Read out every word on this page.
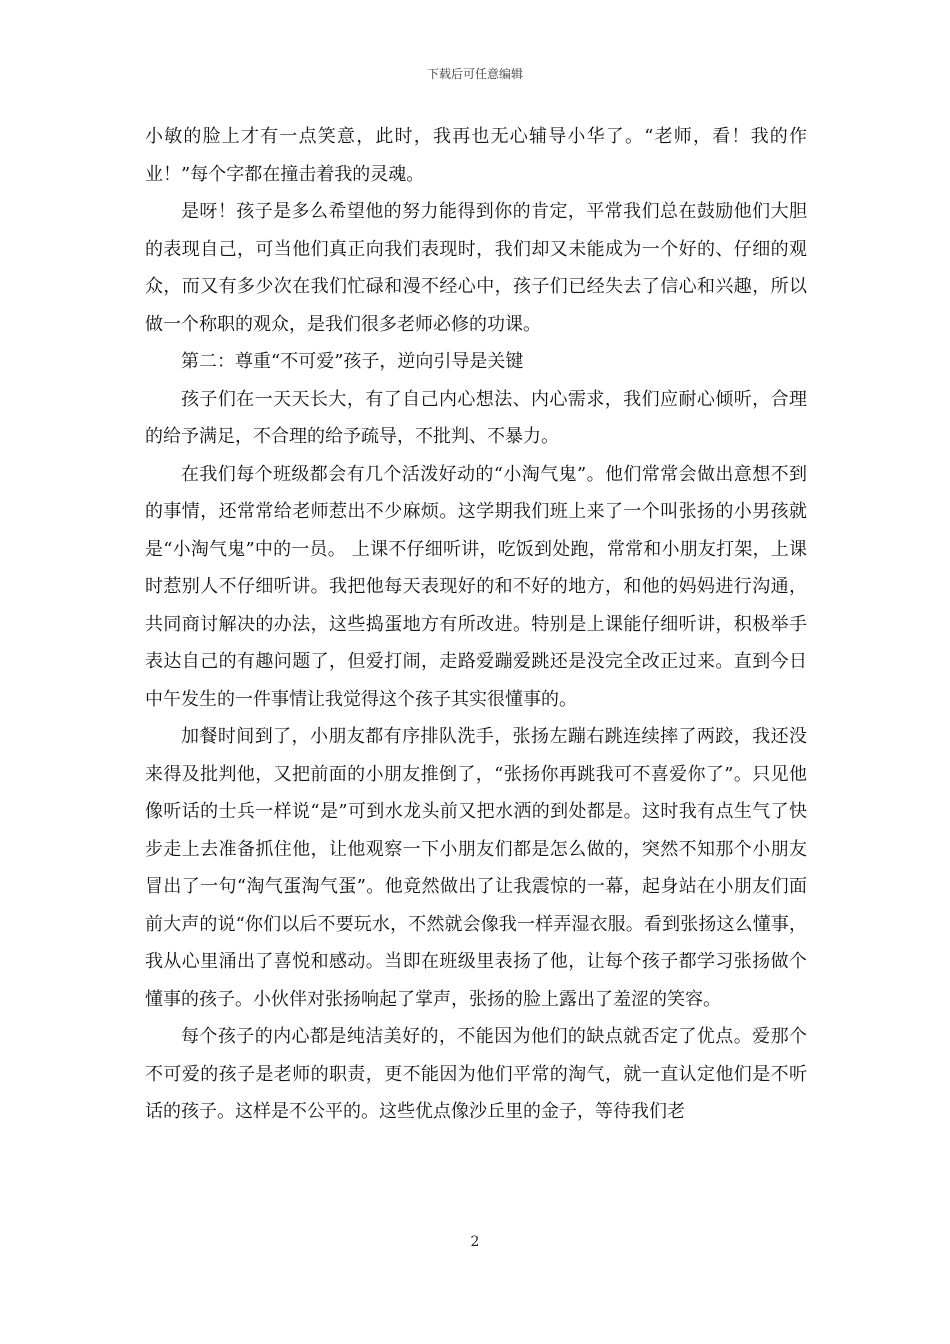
下载后可任意编辑

小敏的脸上才有一点笑意，此时，我再也无心辅导小华了。“老师，看！我的作业！”每个字都在撞击着我的灵魂。

是呀！孩子是多么希望他的努力能得到你的肯定，平常我们总在鼓励他们大胆的表现自己，可当他们真正向我们表现时，我们却又未能成为一个好的、仔细的观众，而又有多少次在我们忙碌和漫不经心中，孩子们已经失去了信心和兴趣，所以做一个称职的观众，是我们很多老师必修的功课。

第二：尊重“不可爱”孩子，逆向引导是关键

孩子们在一天天长大，有了自己内心想法、内心需求，我们应耐心倾听，合理的给予满足，不合理的给予疏导，不批判、不暴力。

在我们每个班级都会有几个活泼好动的“小淘气鬼”。他们常常会做出意想不到的事情，还常常给老师惹出不少麻烦。这学期我们班上来了一个叫张扬的小男孩就是“小淘气鬼”中的一员。 上课不仔细听讲，吃饭到处跑，常常和小朋友打架，上课时惹别人不仔细听讲。我把他每天表现好的和不好的地方，和他的妈妈进行沟通，共同商讨解决的办法，这些捣蛋地方有所改进。特别是上课能仔细听讲，积极举手表达自己的有趣问题了，但爱打闹，走路爱蹦爱跳还是没完全改正过来。直到今日中午发生的一件事情让我觉得这个孩子其实很懂事的。

加餐时间到了，小朋友都有序排队洗手，张扬左蹦右跳连续摔了两跤，我还没来得及批判他，又把前面的小朋友推倒了，“张扬你再跳我可不喜爱你了”。只见他像听话的士兵一样说“是”可到水龙头前又把水洒的到处都是。这时我有点生气了快步走上去准备抓住他，让他观察一下小朋友们都是怎么做的，突然不知那个小朋友冒出了一句“淘气蛋淘气蛋”。他竟然做出了让我震惊的一幕，起身站在小朋友们面前大声的说“你们以后不要玩水，不然就会像我一样弄湿衣服。看到张扬这么懂事，我从心里涌出了喜悦和感动。当即在班级里表扬了他，让每个孩子都学习张扬做个懂事的孩子。小伙伴对张扬响起了掌声，张扬的脸上露出了羞涩的笑容。

每个孩子的内心都是纯洁美好的，不能因为他们的缺点就否定了优点。爱那个不可爱的孩子是老师的职责，更不能因为他们平常的淘气，就一直认定他们是不听话的孩子。这样是不公平的。这些优点像沙丘里的金子，等待我们老

2
